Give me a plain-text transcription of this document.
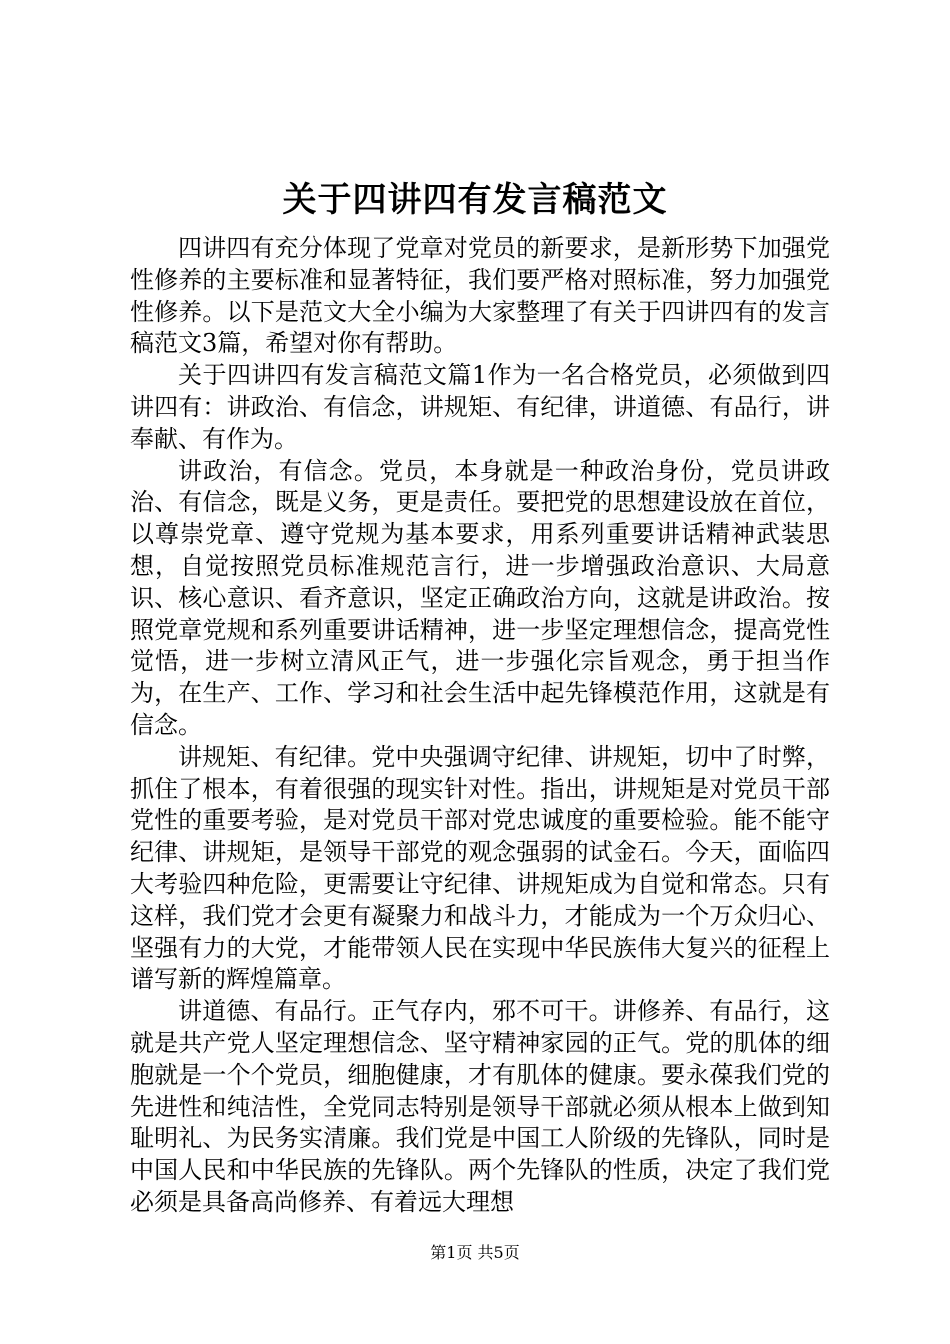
关于四讲四有发言稿范文

四讲四有充分体现了党章对党员的新要求，是新形势下加强党性修养的主要标准和显著特征，我们要严格对照标准，努力加强党性修养。以下是范文大全小编为大家整理了有关于四讲四有的发言稿范文3篇，希望对你有帮助。

关于四讲四有发言稿范文篇1作为一名合格党员，必须做到四讲四有：讲政治、有信念，讲规矩、有纪律，讲道德、有品行，讲奉献、有作为。

讲政治，有信念。党员，本身就是一种政治身份，党员讲政治、有信念，既是义务，更是责任。要把党的思想建设放在首位，以尊崇党章、遵守党规为基本要求，用系列重要讲话精神武装思想，自觉按照党员标准规范言行，进一步增强政治意识、大局意识、核心意识、看齐意识，坚定正确政治方向，这就是讲政治。按照党章党规和系列重要讲话精神，进一步坚定理想信念，提高党性觉悟，进一步树立清风正气，进一步强化宗旨观念，勇于担当作为，在生产、工作、学习和社会生活中起先锋模范作用，这就是有信念。

讲规矩、有纪律。党中央强调守纪律、讲规矩，切中了时弊，抓住了根本，有着很强的现实针对性。指出，讲规矩是对党员干部党性的重要考验，是对党员干部对党忠诚度的重要检验。能不能守纪律、讲规矩，是领导干部党的观念强弱的试金石。今天，面临四大考验四种危险，更需要让守纪律、讲规矩成为自觉和常态。只有这样，我们党才会更有凝聚力和战斗力，才能成为一个万众归心、坚强有力的大党，才能带领人民在实现中华民族伟大复兴的征程上谱写新的辉煌篇章。

讲道德、有品行。正气存内，邪不可干。讲修养、有品行，这就是共产党人坚定理想信念、坚守精神家园的正气。党的肌体的细胞就是一个个党员，细胞健康，才有肌体的健康。要永葆我们党的先进性和纯洁性，全党同志特别是领导干部就必须从根本上做到知耻明礼、为民务实清廉。我们党是中国工人阶级的先锋队，同时是中国人民和中华民族的先锋队。两个先锋队的性质，决定了我们党必须是具备高尚修养、有着远大理想

第1页 共5页
